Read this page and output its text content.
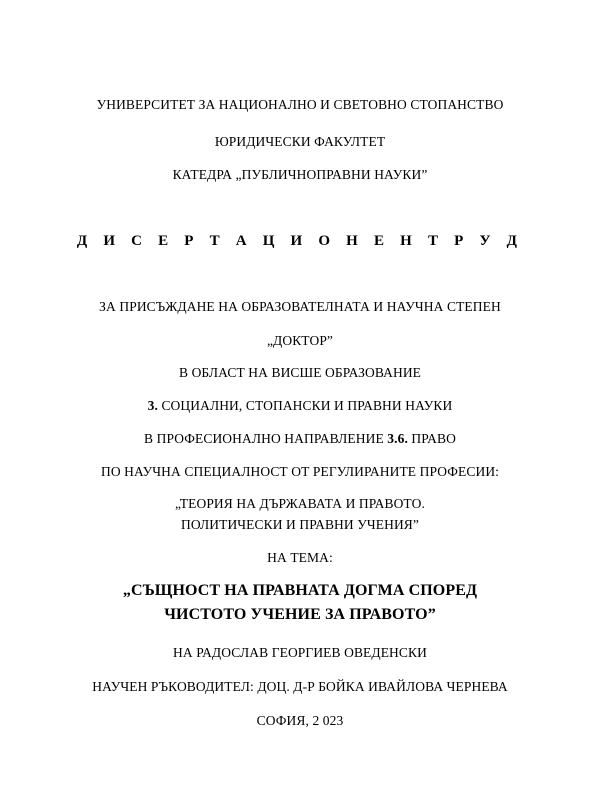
УНИВЕРСИТЕТ ЗА НАЦИОНАЛНО И СВЕТОВНО СТОПАНСТВО
ЮРИДИЧЕСКИ ФАКУЛТЕТ
КАТЕДРА „ПУБЛИЧНОПРАВНИ НАУКИ”
Д И С Е Р Т А Ц И О Н Е Н Т Р У Д
ЗА ПРИСЪЖДАНЕ НА ОБРАЗОВАТЕЛНАТА И НАУЧНА СТЕПЕН
„ДОКТОР”
В ОБЛАСТ НА ВИСШЕ ОБРАЗОВАНИЕ
3. СОЦИАЛНИ, СТОПАНСКИ И ПРАВНИ НАУКИ
В ПРОФЕСИОНАЛНО НАПРАВЛЕНИЕ 3.6. ПРАВО
ПО НАУЧНА СПЕЦИАЛНОСТ ОТ РЕГУЛИРАНИТЕ ПРОФЕСИИ:
„ТЕОРИЯ НА ДЪРЖАВАТА И ПРАВОТО.
ПОЛИТИЧЕСКИ И ПРАВНИ УЧЕНИЯ”
НА ТЕМА:
„СЪЩНОСТ НА ПРАВНАТА ДОГМА СПОРЕД
ЧИСТОТО УЧЕНИЕ ЗА ПРАВОТО”
НА РАДОСЛАВ ГЕОРГИЕВ ОВЕДЕНСКИ
НАУЧЕН РЪКОВОДИТЕЛ: ДОЦ. Д-Р БОЙКА ИВАЙЛОВА ЧЕРНЕВА
СОФИЯ, 2 023
